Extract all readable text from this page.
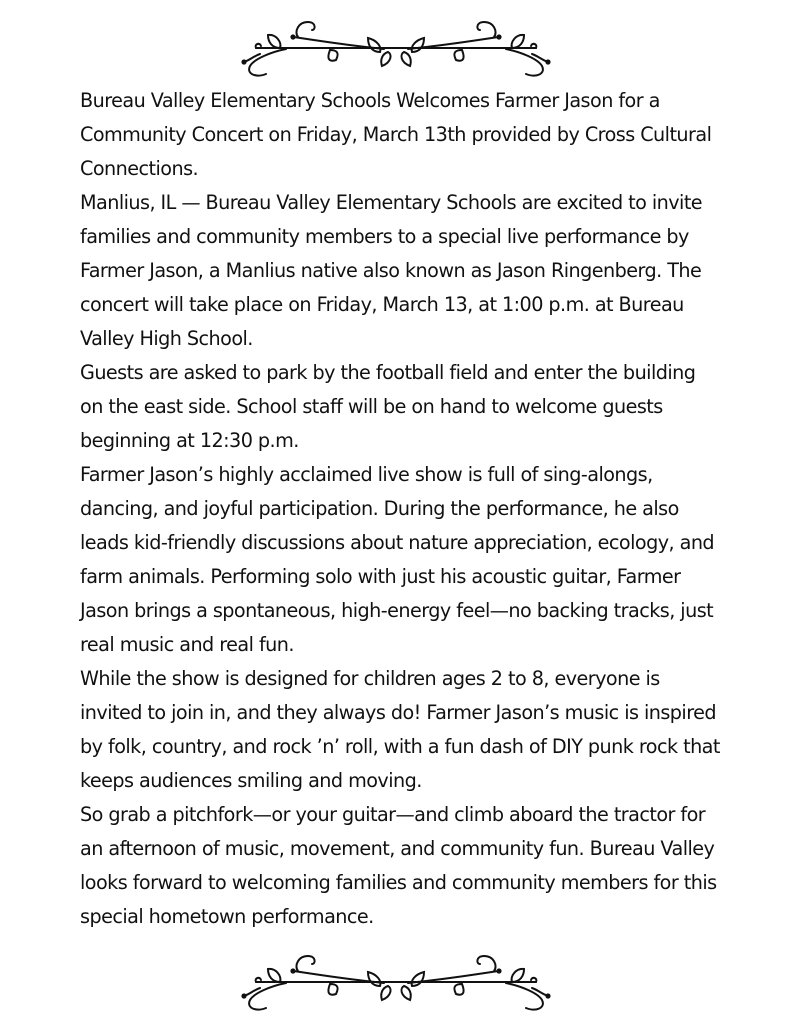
Bureau Valley Elementary Schools Welcomes Farmer Jason for a Community Concert on Friday, March 13th provided by Cross Cultural Connections.

Manlius, IL — Bureau Valley Elementary Schools are excited to invite families and community members to a special live performance by Farmer Jason, a Manlius native also known as Jason Ringenberg. The concert will take place on Friday, March 13, at 1:00 p.m. at Bureau Valley High School.

Guests are asked to park by the football field and enter the building on the east side. School staff will be on hand to welcome guests beginning at 12:30 p.m.

Farmer Jason’s highly acclaimed live show is full of sing-alongs, dancing, and joyful participation. During the performance, he also leads kid-friendly discussions about nature appreciation, ecology, and farm animals. Performing solo with just his acoustic guitar, Farmer Jason brings a spontaneous, high-energy feel—no backing tracks, just real music and real fun.

While the show is designed for children ages 2 to 8, everyone is invited to join in, and they always do! Farmer Jason’s music is inspired by folk, country, and rock ’n’ roll, with a fun dash of DIY punk rock that keeps audiences smiling and moving.

So grab a pitchfork—or your guitar—and climb aboard the tractor for an afternoon of music, movement, and community fun. Bureau Valley looks forward to welcoming families and community members for this special hometown performance.
